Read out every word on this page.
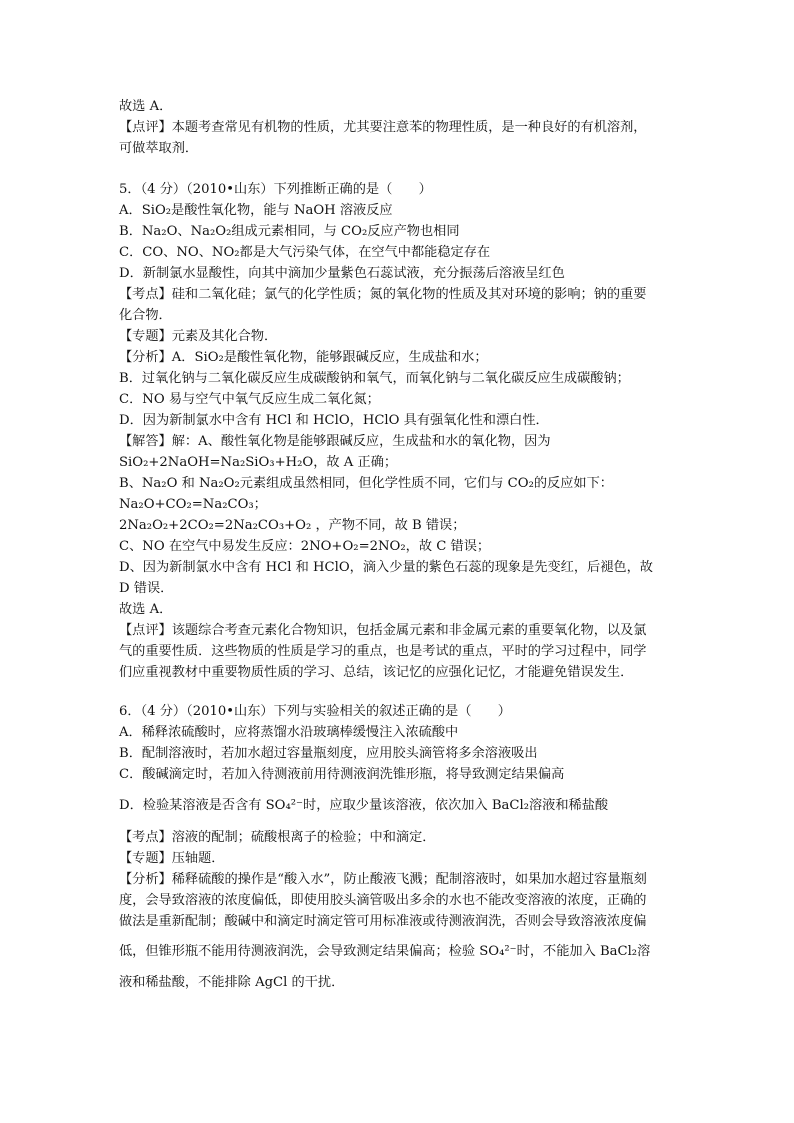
故选 A．
【点评】本题考查常见有机物的性质，尤其要注意苯的物理性质，是一种良好的有机溶剂，
可做萃取剂．
5．（4 分）（2010•山东）下列推断正确的是（　　）
A．SiO₂是酸性氧化物，能与 NaOH 溶液反应
B．Na₂O、Na₂O₂组成元素相同，与 CO₂反应产物也相同
C．CO、NO、NO₂都是大气污染气体，在空气中都能稳定存在
D．新制氯水显酸性，向其中滴加少量紫色石蕊试液，充分振荡后溶液呈红色
【考点】硅和二氧化硅；氯气的化学性质；氮的氧化物的性质及其对环境的影响；钠的重要
化合物．
【专题】元素及其化合物．
【分析】A．SiO₂是酸性氧化物，能够跟碱反应，生成盐和水；
B．过氧化钠与二氧化碳反应生成碳酸钠和氧气，而氧化钠与二氧化碳反应生成碳酸钠；
C．NO 易与空气中氧气反应生成二氧化氮；
D．因为新制氯水中含有 HCl 和 HClO，HClO 具有强氧化性和漂白性．
【解答】解：A、酸性氧化物是能够跟碱反应，生成盐和水的氧化物，因为
SiO₂+2NaOH=Na₂SiO₃+H₂O，故 A 正确；
B、Na₂O 和 Na₂O₂元素组成虽然相同，但化学性质不同，它们与 CO₂的反应如下：
Na₂O+CO₂=Na₂CO₃；
2Na₂O₂+2CO₂=2Na₂CO₃+O₂ ，产物不同，故 B 错误；
C、NO 在空气中易发生反应：2NO+O₂=2NO₂，故 C 错误；
D、因为新制氯水中含有 HCl 和 HClO，滴入少量的紫色石蕊的现象是先变红，后褪色，故
D 错误．
故选 A．
【点评】该题综合考查元素化合物知识，包括金属元素和非金属元素的重要氧化物，以及氯
气的重要性质．这些物质的性质是学习的重点，也是考试的重点，平时的学习过程中，同学
们应重视教材中重要物质性质的学习、总结，该记忆的应强化记忆，才能避免错误发生．
6．（4 分）（2010•山东）下列与实验相关的叙述正确的是（　　）
A．稀释浓硫酸时，应将蒸馏水沿玻璃棒缓慢注入浓硫酸中
B．配制溶液时，若加水超过容量瓶刻度，应用胶头滴管将多余溶液吸出
C．酸碱滴定时，若加入待测液前用待测液润洗锥形瓶，将导致测定结果偏高
D．检验某溶液是否含有 SO₄²⁻时，应取少量该溶液，依次加入 BaCl₂溶液和稀盐酸
【考点】溶液的配制；硫酸根离子的检验；中和滴定．
【专题】压轴题．
【分析】稀释硫酸的操作是“酸入水”，防止酸液飞溅；配制溶液时，如果加水超过容量瓶刻
度，会导致溶液的浓度偏低，即使用胶头滴管吸出多余的水也不能改变溶液的浓度，正确的
做法是重新配制；酸碱中和滴定时滴定管可用标准液或待测液润洗，否则会导致溶液浓度偏
低，但锥形瓶不能用待测液润洗，会导致测定结果偏高；检验 SO₄²⁻时，不能加入 BaCl₂溶
液和稀盐酸，不能排除 AgCl 的干扰．
